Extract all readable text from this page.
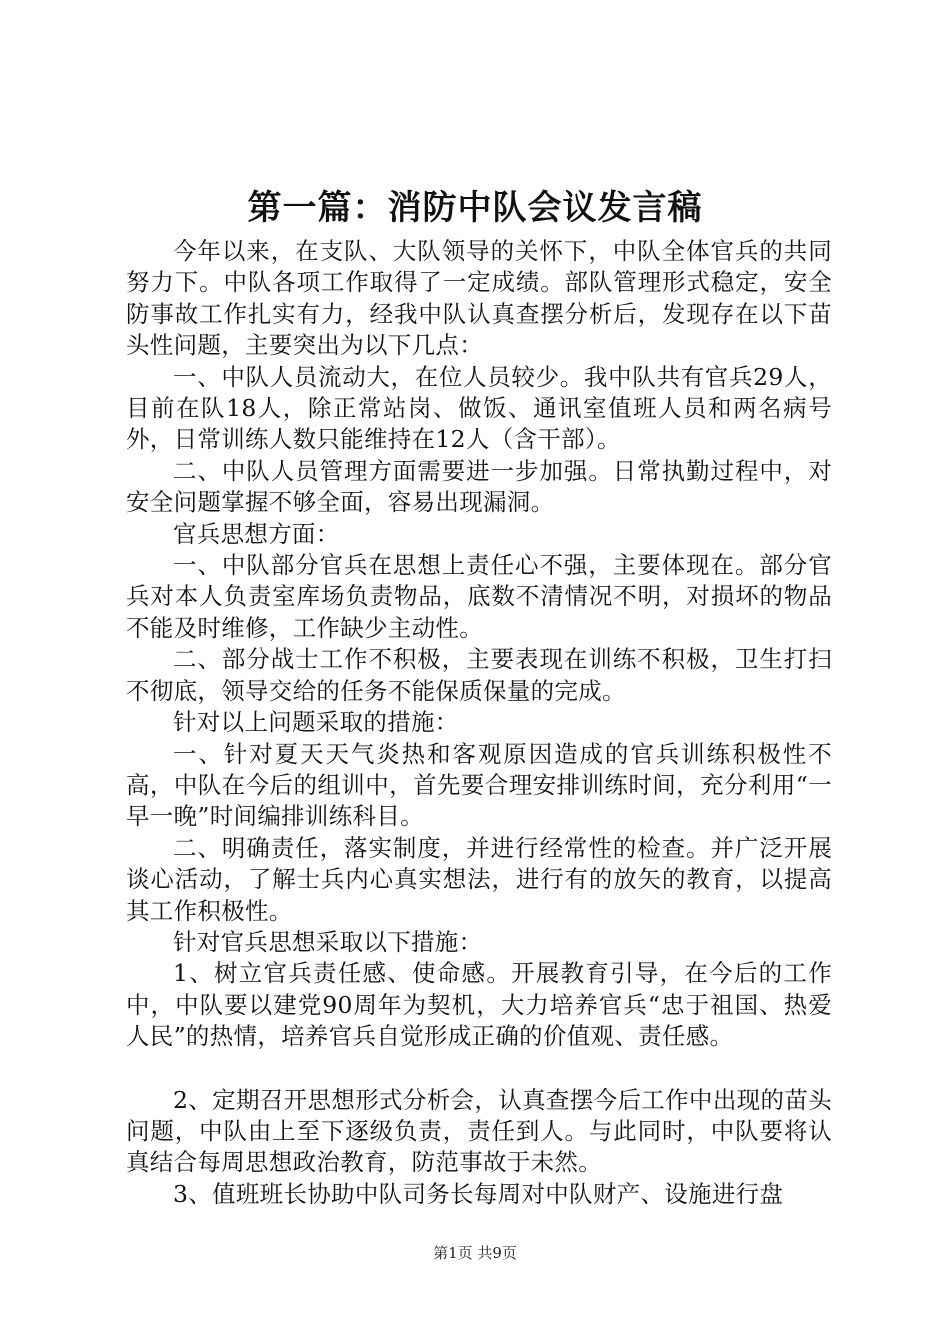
第一篇：消防中队会议发言稿

今年以来，在支队、大队领导的关怀下，中队全体官兵的共同努力下。中队各项工作取得了一定成绩。部队管理形式稳定，安全防事故工作扎实有力，经我中队认真查摆分析后，发现存在以下苗头性问题，主要突出为以下几点：

一、中队人员流动大，在位人员较少。我中队共有官兵29人，目前在队18人，除正常站岗、做饭、通讯室值班人员和两名病号外，日常训练人数只能维持在12人（含干部）。

二、中队人员管理方面需要进一步加强。日常执勤过程中，对安全问题掌握不够全面，容易出现漏洞。

官兵思想方面：

一、中队部分官兵在思想上责任心不强，主要体现在。部分官兵对本人负责室库场负责物品，底数不清情况不明，对损坏的物品不能及时维修，工作缺少主动性。

二、部分战士工作不积极，主要表现在训练不积极，卫生打扫不彻底，领导交给的任务不能保质保量的完成。

针对以上问题采取的措施：

一、针对夏天天气炎热和客观原因造成的官兵训练积极性不高，中队在今后的组训中，首先要合理安排训练时间，充分利用“一早一晚”时间编排训练科目。

二、明确责任，落实制度，并进行经常性的检查。并广泛开展谈心活动，了解士兵内心真实想法，进行有的放矢的教育，以提高其工作积极性。

针对官兵思想采取以下措施：

1、树立官兵责任感、使命感。开展教育引导，在今后的工作中，中队要以建党90周年为契机，大力培养官兵“忠于祖国、热爱人民”的热情，培养官兵自觉形成正确的价值观、责任感。

2、定期召开思想形式分析会，认真查摆今后工作中出现的苗头问题，中队由上至下逐级负责，责任到人。与此同时，中队要将认真结合每周思想政治教育，防范事故于未然。

3、值班班长协助中队司务长每周对中队财产、设施进行盘

第1页 共9页
